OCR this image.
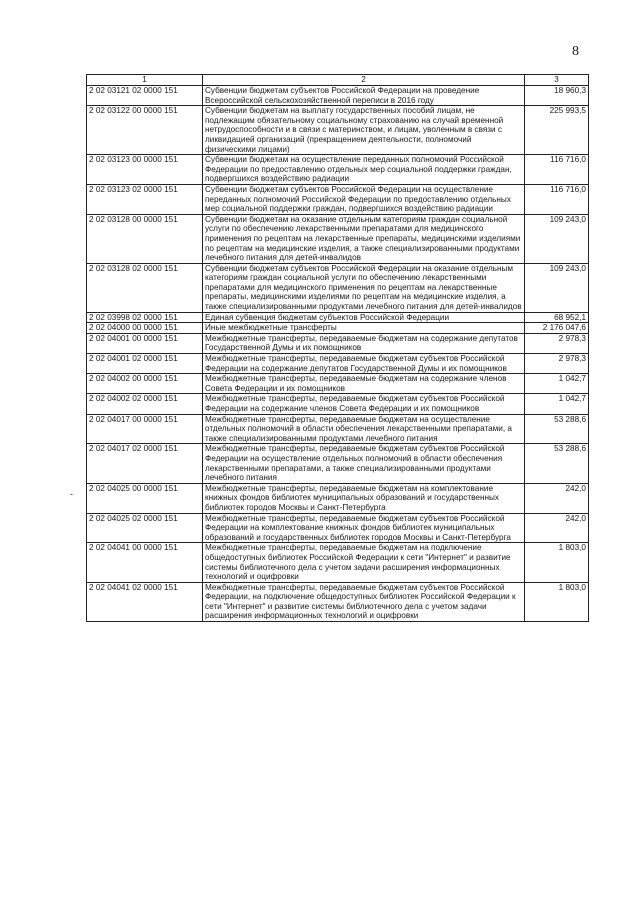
8
-
1	2	3
2 02 03121 02 0000 151	Субвенции бюджетам субъектов Российской Федерации на проведение Всероссийской сельскохозяйственной переписи в 2016 году	18 960,3
2 02 03122 00 0000 151	Субвенции бюджетам на выплату государственных пособий лицам, не подлежащим обязательному социальному страхованию на случай временной нетрудоспособности и в связи с материнством, и лицам, уволенным в связи с ликвидацией организаций (прекращением деятельности, полномочий физическими лицами)	225 993,5
2 02 03123 00 0000 151	Субвенции бюджетам на осуществление переданных полномочий Российской Федерации по предоставлению отдельных мер социальной поддержки граждан, подвергшихся воздействию радиации	116 716,0
2 02 03123 02 0000 151	Субвенции бюджетам субъектов Российской Федерации на осуществление переданных полномочий Российской Федерации по предоставлению отдельных мер социальной поддержки граждан, подвергшихся воздействию радиации	116 716,0
2 02 03128 00 0000 151	Субвенции бюджетам на оказание отдельным категориям граждан социальной услуги по обеспечению лекарственными препаратами для медицинского применения по рецептам на лекарственные препараты, медицинскими изделиями по рецептам на медицинские изделия, а также специализированными продуктами лечебного питания для детей-инвалидов	109 243,0
2 02 03128 02 0000 151	Субвенции бюджетам субъектов Российской Федерации на оказание отдельным категориям граждан социальной услуги по обеспечению лекарственными препаратами для медицинского применения по рецептам на лекарственные препараты, медицинскими изделиями по рецептам на медицинские изделия, а также специализированными продуктами лечебного питания для детей-инвалидов	109 243,0
2 02 03998 02 0000 151	Единая субвенция бюджетам субъектов Российской Федерации	68 952,1
2 02 04000 00 0000 151	Иные межбюджетные трансферты	2 176 047,6
2 02 04001 00 0000 151	Межбюджетные трансферты, передаваемые бюджетам на содержание депутатов Государственной Думы и их помощников	2 978,3
2 02 04001 02 0000 151	Межбюджетные трансферты, передаваемые бюджетам субъектов Российской Федерации на содержание депутатов Государственной Думы и их помощников	2 978,3
2 02 04002 00 0000 151	Межбюджетные трансферты, передаваемые бюджетам на содержание членов Совета Федерации и их помощников	1 042,7
2 02 04002 02 0000 151	Межбюджетные трансферты, передаваемые бюджетам субъектов Российской Федерации на содержание членов Совета Федерации и их помощников	1 042,7
2 02 04017 00 0000 151	Межбюджетные трансферты, передаваемые бюджетам на осуществление отдельных полномочий в области обеспечения лекарственными препаратами, а также специализированными продуктами лечебного питания	53 288,6
2 02 04017 02 0000 151	Межбюджетные трансферты, передаваемые бюджетам субъектов Российской Федерации на осуществление отдельных полномочий в области обеспечения лекарственными препаратами, а также специализированными продуктами лечебного питания	53 288,6
2 02 04025 00 0000 151	Межбюджетные трансферты, передаваемые бюджетам на комплектование книжных фондов библиотек муниципальных образований и государственных библиотек городов Москвы и Санкт-Петербурга	242,0
2 02 04025 02 0000 151	Межбюджетные трансферты, передаваемые бюджетам субъектов Российской Федерации на комплектование книжных фондов библиотек муниципальных образований и государственных библиотек городов Москвы и Санкт-Петербурга	242,0
2 02 04041 00 0000 151	Межбюджетные трансферты, передаваемые бюджетам на подключение общедоступных библиотек Российской Федерации к сети "Интернет" и развитие системы библиотечного дела с учетом задачи расширения информационных технологий и оцифровки	1 803,0
2 02 04041 02 0000 151	Межбюджетные трансферты, передаваемые бюджетам субъектов Российской Федерации, на подключение общедоступных библиотек Российской Федерации к сети "Интернет" и развитие системы библиотечного дела с учетом задачи расширения информационных технологий и оцифровки	1 803,0
